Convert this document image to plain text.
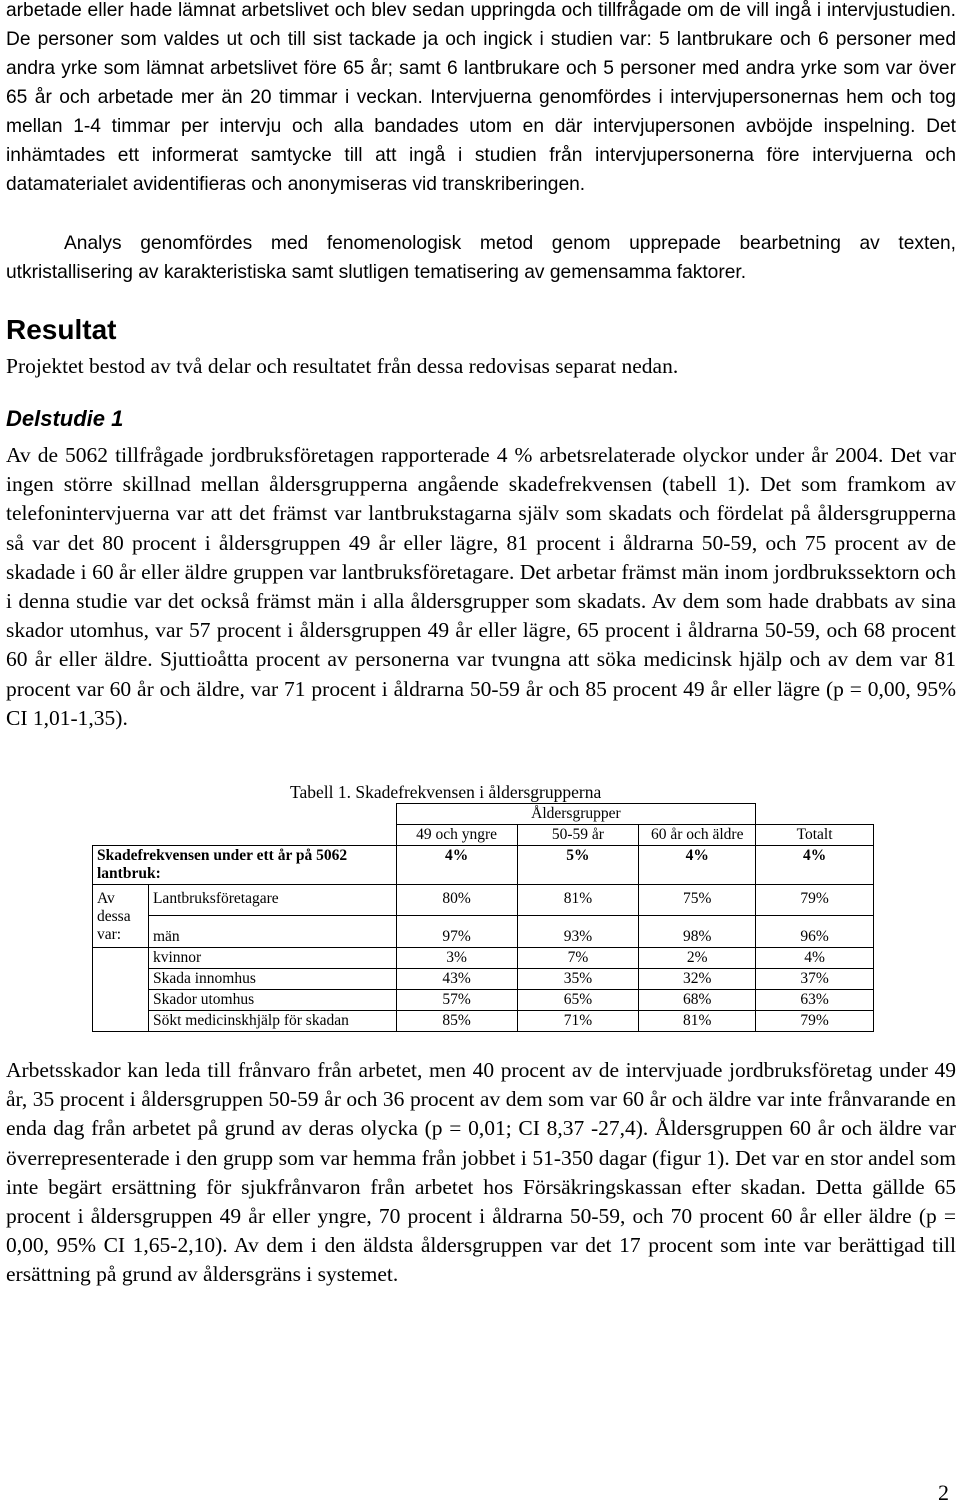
arbetade eller hade lämnat arbetslivet och blev sedan uppringda och tillfrågade om de vill ingå i intervjustudien. De personer som valdes ut och till sist tackade ja och ingick i studien var: 5 lantbrukare och 6 personer med andra yrke som lämnat arbetslivet före 65 år; samt 6 lantbrukare och 5 personer med andra yrke som var över 65 år och arbetade mer än 20 timmar i veckan. Intervjuerna genomfördes i intervjupersonernas hem och tog mellan 1-4 timmar per intervju och alla bandades utom en där intervjupersonen avböjde inspelning. Det inhämtades ett informerat samtycke till att ingå i studien från intervjupersonerna före intervjuerna och datamaterialet avidentifieras och anonymiseras vid transkriberingen.

Analys genomfördes med fenomenologisk metod genom upprepade bearbetning av texten, utkristallisering av karakteristiska samt slutligen tematisering av gemensamma faktorer.

Resultat

Projektet bestod av två delar och resultatet från dessa redovisas separat nedan.

Delstudie 1

Av de 5062 tillfrågade jordbruksföretagen rapporterade 4 % arbetsrelaterade olyckor under år 2004. Det var ingen större skillnad mellan åldersgrupperna angående skadefrekvensen (tabell 1). Det som framkom av telefonintervjuerna var att det främst var lantbrukstagarna själv som skadats och fördelat på åldersgrupperna så var det 80 procent i åldersgruppen 49 år eller lägre, 81 procent i åldrarna 50-59, och 75 procent av de skadade i 60 år eller äldre gruppen var lantbruksföretagare. Det arbetar främst män inom jordbrukssektorn och i denna studie var det också främst män i alla åldersgrupper som skadats. Av dem som hade drabbats av sina skador utomhus, var 57 procent i åldersgruppen 49 år eller lägre, 65 procent i åldrarna 50-59, och 68 procent 60 år eller äldre. Sjuttioåtta procent av personerna var tvungna att söka medicinsk hjälp och av dem var 81 procent var 60 år och äldre, var 71 procent i åldrarna 50-59 år och 85 procent 49 år eller lägre (p = 0,00, 95% CI 1,01-1,35).

Tabell 1. Skadefrekvensen i åldersgrupperna
		Åldersgrupper			
		49 och yngre	50-59 år	60 år och äldre	Totalt
Skadefrekvensen under ett år på 5062 lantbruk:		4%	5%	4%	4%
Av dessa var:	Lantbruksföretagare	80%	81%	75%	79%
	män	97%	93%	98%	96%
	kvinnor	3%	7%	2%	4%
	Skada innomhus	43%	35%	32%	37%
	Skador utomhus	57%	65%	68%	63%
	Sökt medicinskhjälp för skadan	85%	71%	81%	79%

Arbetsskador kan leda till frånvaro från arbetet, men 40 procent av de intervjuade jordbruksföretag under 49 år, 35 procent i åldersgruppen 50-59 år och 36 procent av dem som var 60 år och äldre var inte frånvarande en enda dag från arbetet på grund av deras olycka (p = 0,01; CI 8,37 -27,4). Åldersgruppen 60 år och äldre var överrepresenterade i den grupp som var hemma från jobbet i 51-350 dagar (figur 1). Det var en stor andel som inte begärt ersättning för sjukfrånvaron från arbetet hos Försäkringskassan efter skadan. Detta gällde 65 procent i åldersgruppen 49 år eller yngre, 70 procent i åldrarna 50-59, och 70 procent 60 år eller äldre (p = 0,00, 95% CI 1,65-2,10). Av dem i den äldsta åldersgruppen var det 17 procent som inte var berättigad till ersättning på grund av åldersgräns i systemet.

2
